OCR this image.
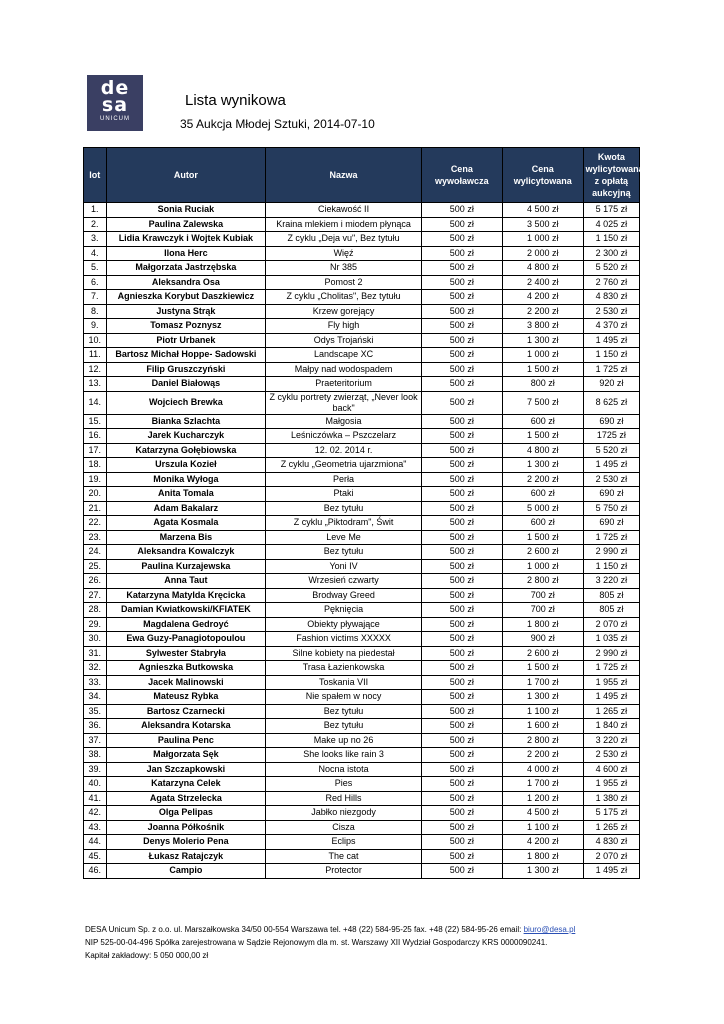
de
sa
UNICUM
Lista wynikowa
35 Aukcja Młodej Sztuki, 2014-07-10
lot	Autor	Nazwa	Cena wywoławcza	Cena wylicytowana	Kwota wylicytowana z opłatą aukcyjną
1.	Sonia Ruciak	Ciekawość II	500 zł	4 500 zł	5 175 zł
2.	Paulina Zalewska	Kraina mlekiem i miodem płynąca	500 zł	3 500 zł	4 025 zł
3.	Lidia Krawczyk i Wojtek Kubiak	Z cyklu „Deja vu", Bez tytułu	500 zł	1 000 zł	1 150 zł
4.	Ilona Herc	Więź	500 zł	2 000 zł	2 300 zł
5.	Małgorzata Jastrzębska	Nr 385	500 zł	4 800 zł	5 520 zł
6.	Aleksandra Osa	Pomost 2	500 zł	2 400 zł	2 760 zł
7.	Agnieszka Korybut Daszkiewicz	Z cyklu „Cholitas", Bez tytułu	500 zł	4 200 zł	4 830 zł
8.	Justyna Strąk	Krzew gorejący	500 zł	2 200 zł	2 530 zł
9.	Tomasz Poznysz	Fly high	500 zł	3 800 zł	4 370 zł
10.	Piotr Urbanek	Odys Trojański	500 zł	1 300 zł	1 495 zł
11.	Bartosz Michał Hoppe- Sadowski	Landscape XC	500 zł	1 000 zł	1 150 zł
12.	Filip Gruszczyński	Małpy nad wodospadem	500 zł	1 500 zł	1 725 zł
13.	Daniel Białowąs	Praeteritorium	500 zł	800 zł	920 zł
14.	Wojciech Brewka	Z cyklu portrety zwierząt, „Never look back"	500 zł	7 500 zł	8 625 zł
15.	Bianka Szlachta	Małgosia	500 zł	600 zł	690 zł
16.	Jarek Kucharczyk	Leśniczówka – Pszczelarz	500 zł	1 500 zł	1725 zł
17.	Katarzyna Gołębiowska	12. 02. 2014 r.	500 zł	4 800 zł	5 520 zł
18.	Urszula Kozieł	Z cyklu „Geometria ujarzmiona"	500 zł	1 300 zł	1 495 zł
19.	Monika Wyłoga	Perła	500 zł	2 200 zł	2 530 zł
20.	Anita Tomala	Ptaki	500 zł	600 zł	690 zł
21.	Adam Bakalarz	Bez tytułu	500 zł	5 000 zł	5 750 zł
22.	Agata Kosmala	Z cyklu „Piktodram", Świt	500 zł	600 zł	690 zł
23.	Marzena Bis	Leve Me	500 zł	1 500 zł	1 725 zł
24.	Aleksandra Kowalczyk	Bez tytułu	500 zł	2 600 zł	2 990 zł
25.	Paulina Kurzajewska	Yoni IV	500 zł	1 000 zł	1 150 zł
26.	Anna Taut	Wrzesień czwarty	500 zł	2 800 zł	3 220 zł
27.	Katarzyna Matylda Kręcicka	Brodway Greed	500 zł	700 zł	805 zł
28.	Damian Kwiatkowski/KFIATEK	Pęknięcia	500 zł	700 zł	805 zł
29.	Magdalena Gedroyć	Obiekty pływające	500 zł	1 800 zł	2 070 zł
30.	Ewa Guzy-Panagiotopoulou	Fashion victims XXXXX	500 zł	900 zł	1 035 zł
31.	Sylwester Stabryła	Silne kobiety na piedestał	500 zł	2 600 zł	2 990 zł
32.	Agnieszka Butkowska	Trasa Łazienkowska	500 zł	1 500 zł	1 725 zł
33.	Jacek Malinowski	Toskania VII	500 zł	1 700 zł	1 955 zł
34.	Mateusz Rybka	Nie spałem w nocy	500 zł	1 300 zł	1 495 zł
35.	Bartosz Czarnecki	Bez tytułu	500 zł	1 100 zł	1 265 zł
36.	Aleksandra Kotarska	Bez tytułu	500 zł	1 600 zł	1 840 zł
37.	Paulina Penc	Make up no 26	500 zł	2 800 zł	3 220 zł
38.	Małgorzata Sęk	She looks like rain 3	500 zł	2 200 zł	2 530 zł
39.	Jan Szczapkowski	Nocna istota	500 zł	4 000 zł	4 600 zł
40.	Katarzyna Celek	Pies	500 zł	1 700 zł	1 955 zł
41.	Agata Strzelecka	Red Hills	500 zł	1 200 zł	1 380 zł
42.	Olga Pelipas	Jabłko niezgody	500 zł	4 500 zł	5 175 zł
43.	Joanna Półkośnik	Cisza	500 zł	1 100 zł	1 265 zł
44.	Denys Molerio Pena	Eclips	500 zł	4 200 zł	4 830 zł
45.	Łukasz Ratajczyk	The cat	500 zł	1 800 zł	2 070 zł
46.	Campio	Protector	500 zł	1 300 zł	1 495 zł
DESA Unicum Sp. z o.o. ul. Marszałkowska 34/50 00-554 Warszawa tel. +48 (22) 584-95-25 fax. +48 (22) 584-95-26 email: biuro@desa.pl
NIP 525-00-04-496 Spółka zarejestrowana w Sądzie Rejonowym dla m. st. Warszawy XII Wydział Gospodarczy KRS 0000090241.
Kapitał zakładowy: 5 050 000,00 zł
